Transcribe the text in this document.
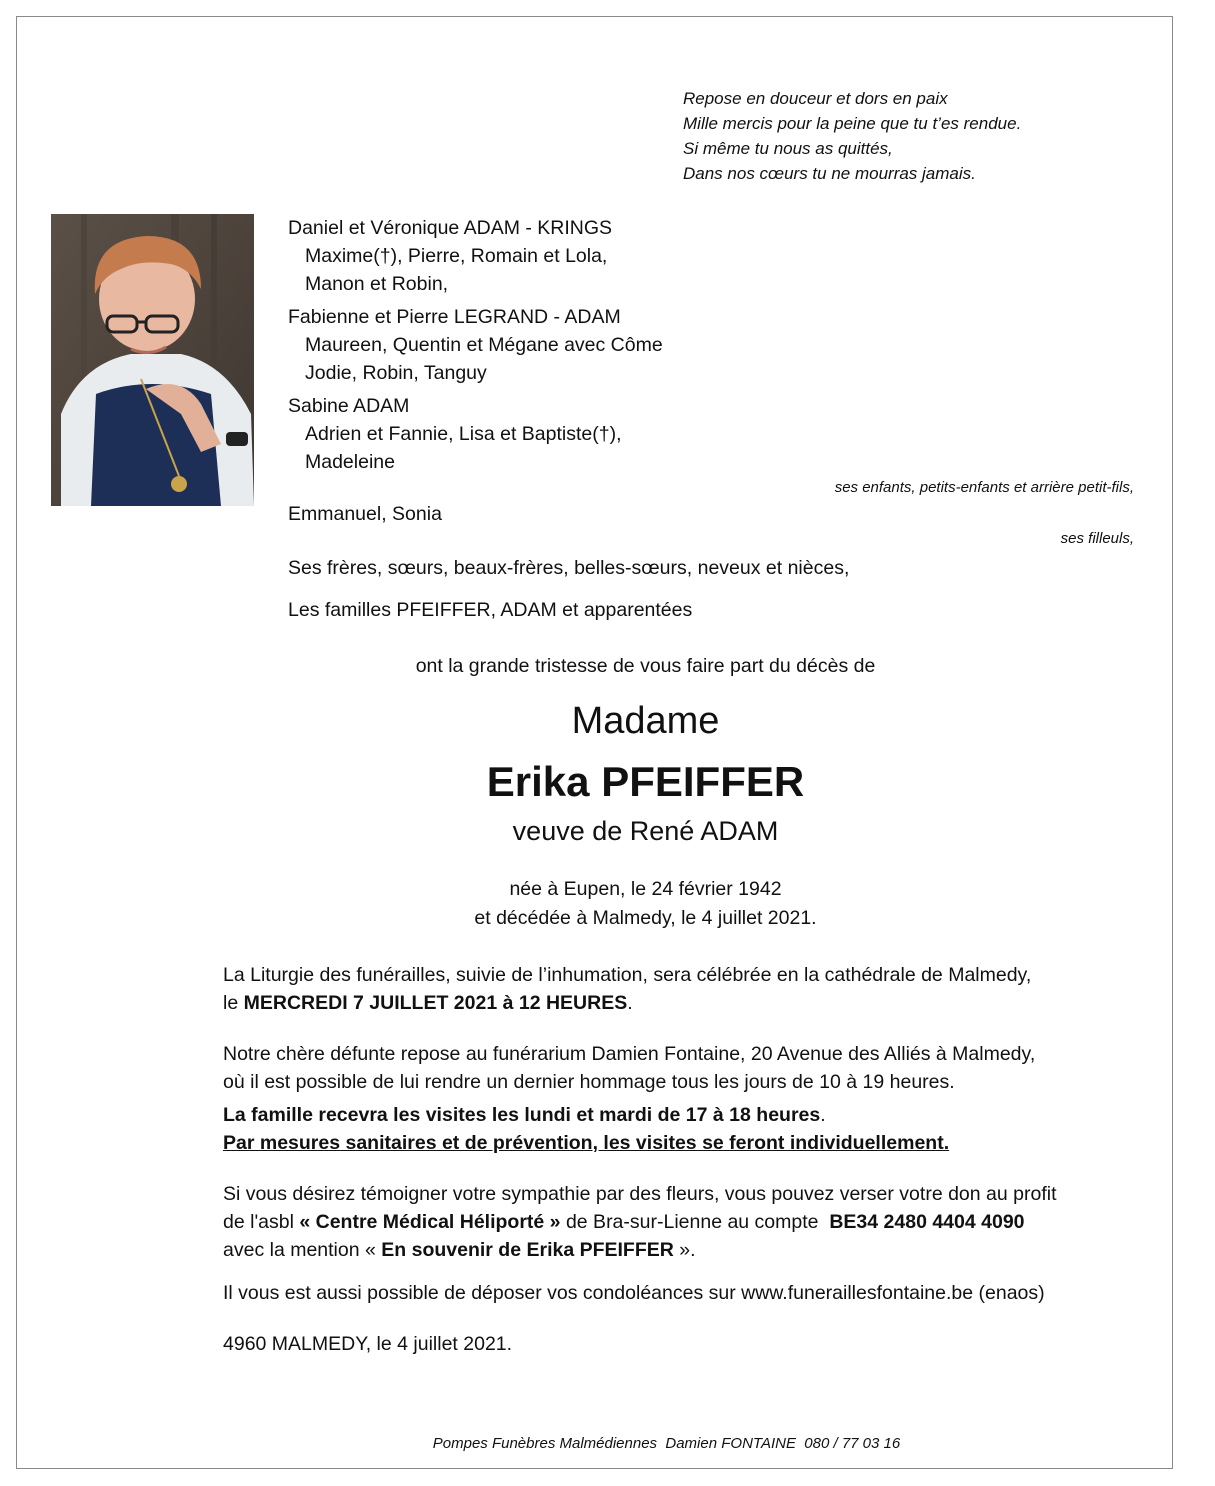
Repose en douceur et dors en paix
Mille mercis pour la peine que tu t’es rendue.
Si même tu nous as quittés,
Dans nos cœurs tu ne mourras jamais.
Daniel et Véronique ADAM - KRINGS
Maxime(†), Pierre, Romain et Lola,
Manon et Robin,
Fabienne et Pierre LEGRAND - ADAM
Maureen, Quentin et Mégane avec Côme
Jodie, Robin, Tanguy
Sabine ADAM
Adrien et Fannie, Lisa et Baptiste(†),
Madeleine
ses enfants, petits-enfants et arrière petit-fils,
Emmanuel, Sonia
ses filleuls,
Ses frères, sœurs, beaux-frères, belles-sœurs, neveux et nièces,
Les familles PFEIFFER, ADAM et apparentées
ont la grande tristesse de vous faire part du décès de
Madame
Erika PFEIFFER
veuve de René ADAM
née à Eupen, le 24 février 1942
et décédée à Malmedy, le 4 juillet 2021.
La Liturgie des funérailles, suivie de l’inhumation, sera célébrée en la cathédrale de Malmedy,
le MERCREDI 7 JUILLET 2021 à 12 HEURES.
Notre chère défunte repose au funérarium Damien Fontaine, 20 Avenue des Alliés à Malmedy,
où il est possible de lui rendre un dernier hommage tous les jours de 10 à 19 heures.
La famille recevra les visites les lundi et mardi de 17 à 18 heures.
Par mesures sanitaires et de prévention, les visites se feront individuellement.
Si vous désirez témoigner votre sympathie par des fleurs, vous pouvez verser votre don au profit
de l'asbl « Centre Médical Héliporté » de Bra-sur-Lienne au compte  BE34 2480 4404 4090
avec la mention « En souvenir de Erika PFEIFFER ».
Il vous est aussi possible de déposer vos condoléances sur www.funeraillesfontaine.be (enaos)
4960 MALMEDY, le 4 juillet 2021.
Pompes Funèbres Malmédiennes  Damien FONTAINE  080 / 77 03 16
